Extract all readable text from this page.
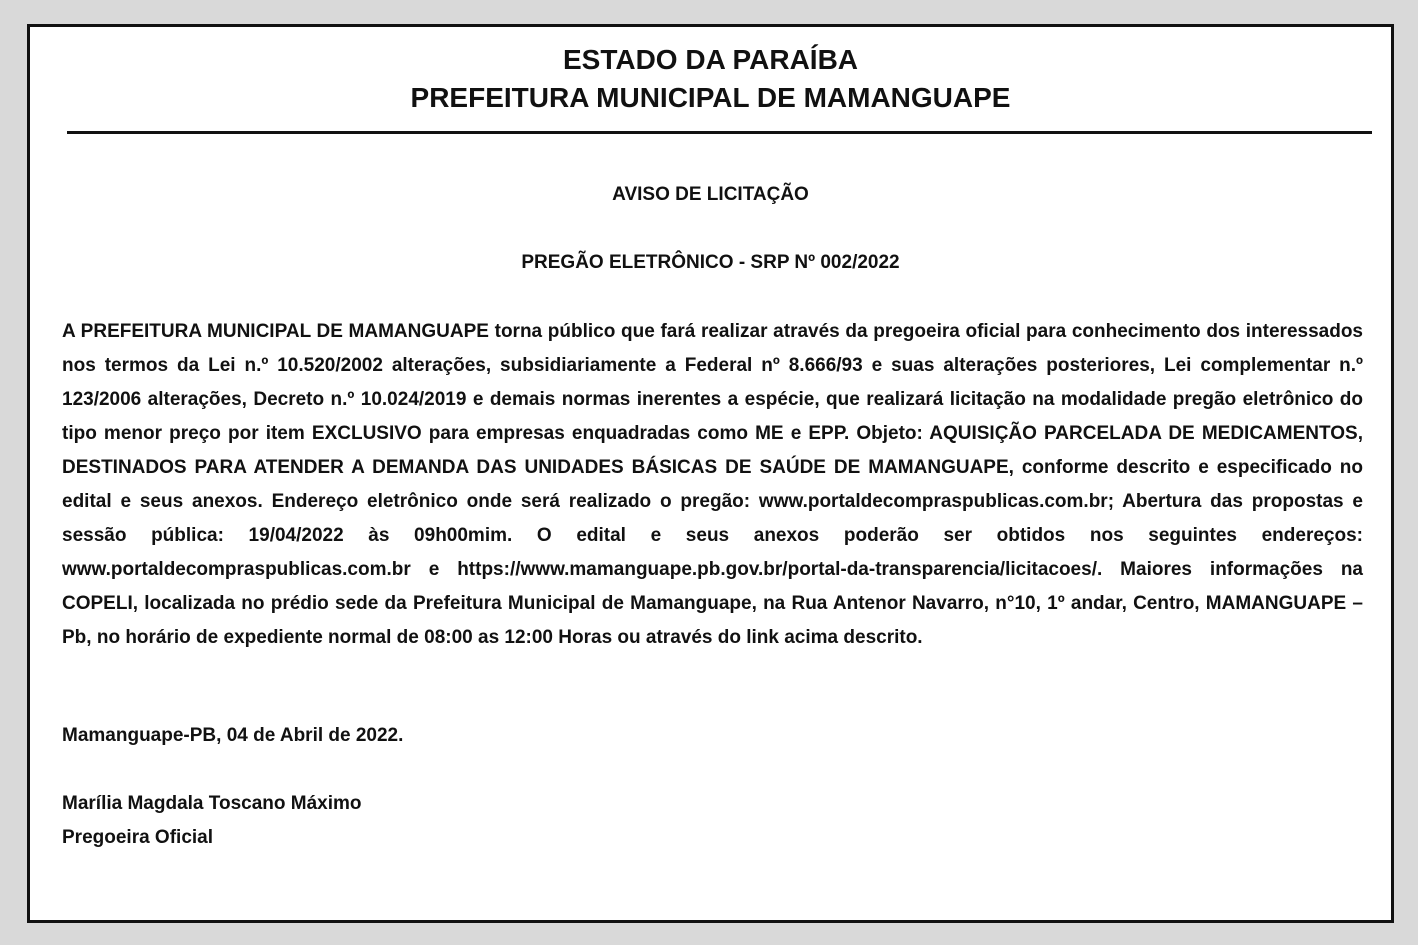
ESTADO DA PARAÍBA
PREFEITURA MUNICIPAL DE MAMANGUAPE
AVISO DE LICITAÇÃO
PREGÃO ELETRÔNICO - SRP Nº 002/2022
A PREFEITURA MUNICIPAL DE MAMANGUAPE torna público que fará realizar através da pregoeira oficial para conhecimento dos interessados nos termos da Lei n.º 10.520/2002 alterações, subsidiariamente a Federal nº 8.666/93 e suas alterações posteriores, Lei complementar n.º 123/2006 alterações, Decreto n.º 10.024/2019 e demais normas inerentes a espécie, que realizará licitação na modalidade pregão eletrônico do tipo menor preço por item EXCLUSIVO para empresas enquadradas como ME e EPP. Objeto: AQUISIÇÃO PARCELADA DE MEDICAMENTOS, DESTINADOS PARA ATENDER A DEMANDA DAS UNIDADES BÁSICAS DE SAÚDE DE MAMANGUAPE, conforme descrito e especificado no edital e seus anexos. Endereço eletrônico onde será realizado o pregão: www.portaldecompraspublicas.com.br; Abertura das propostas e sessão pública: 19/04/2022 às 09h00mim. O edital e seus anexos poderão ser obtidos nos seguintes endereços: www.portaldecompraspublicas.com.br e https://www.mamanguape.pb.gov.br/portal-da-transparencia/licitacoes/. Maiores informações na COPELI, localizada no prédio sede da Prefeitura Municipal de Mamanguape, na Rua Antenor Navarro, n°10, 1º andar, Centro, MAMANGUAPE – Pb, no horário de expediente normal de 08:00 as 12:00 Horas ou através do link acima descrito.
Mamanguape-PB, 04 de Abril de 2022.
Marília Magdala Toscano Máximo
Pregoeira Oficial
